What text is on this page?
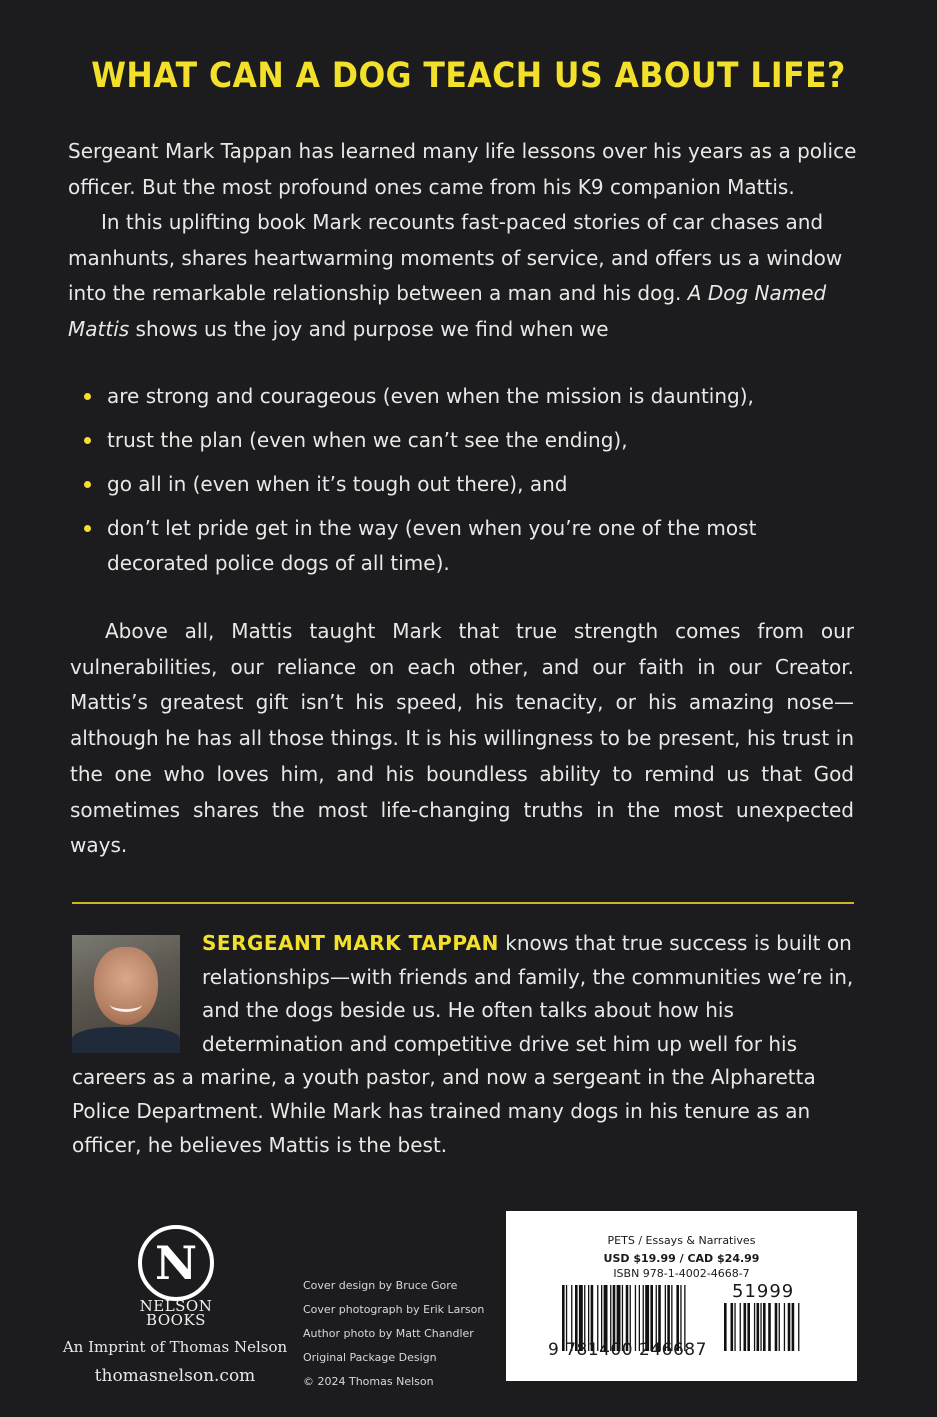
WHAT CAN A DOG TEACH US ABOUT LIFE?

Sergeant Mark Tappan has learned many life lessons over his years as a police officer. But the most profound ones came from his K9 companion Mattis.

In this uplifting book Mark recounts fast-paced stories of car chases and manhunts, shares heartwarming moments of service, and offers us a window into the remarkable relationship between a man and his dog. A Dog Named Mattis shows us the joy and purpose we find when we

are strong and courageous (even when the mission is daunting),
trust the plan (even when we can’t see the ending),
go all in (even when it’s tough out there), and
don’t let pride get in the way (even when you’re one of the most decorated police dogs of all time).

Above all, Mattis taught Mark that true strength comes from our vulnerabilities, our reliance on each other, and our faith in our Creator. Mattis’s greatest gift isn’t his speed, his tenacity, or his amazing nose—although he has all those things. It is his willingness to be present, his trust in the one who loves him, and his boundless ability to remind us that God sometimes shares the most life-changing truths in the most unexpected ways.

SERGEANT MARK TAPPAN knows that true success is built on relationships—with friends and family, the communities we’re in, and the dogs beside us. He often talks about how his determination and competitive drive set him up well for his careers as a marine, a youth pastor, and now a sergeant in the Alpharetta Police Department. While Mark has trained many dogs in his tenure as an officer, he believes Mattis is the best.

N
NELSON
BOOKS
An Imprint of Thomas Nelson
thomasnelson.com
Cover design by Bruce Gore
Cover photograph by Erik Larson
Author photo by Matt Chandler
Original Package Design
© 2024 Thomas Nelson
PETS / Essays & Narratives
USD $19.99 / CAD $24.99
ISBN 978-1-4002-4668-7
51999
9 781400 246687
